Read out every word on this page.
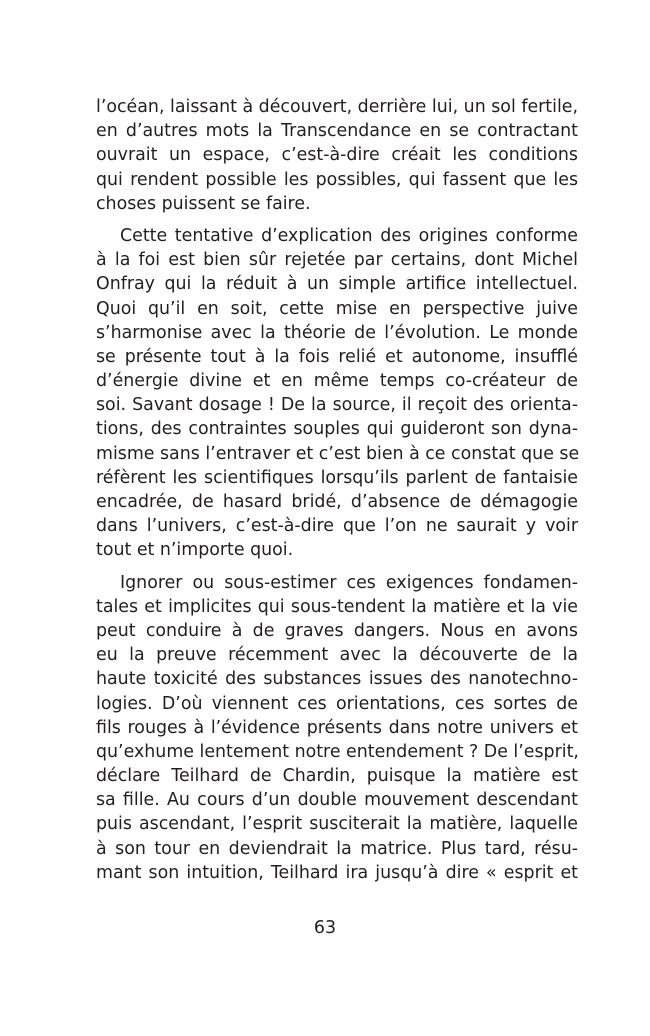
l’océan, laissant à découvert, derrière lui, un sol fertile,
en d’autres mots la Transcendance en se contractant
ouvrait un espace, c’est-à-dire créait les conditions
qui rendent possible les possibles, qui fassent que les
choses puissent se faire.
Cette tentative d’explication des origines conforme
à la foi est bien sûr rejetée par certains, dont Michel
Onfray qui la réduit à un simple artifice intellectuel.
Quoi qu’il en soit, cette mise en perspective juive
s’harmonise avec la théorie de l’évolution. Le monde
se présente tout à la fois relié et autonome, insufflé
d’énergie divine et en même temps co-créateur de
soi. Savant dosage ! De la source, il reçoit des orienta-
tions, des contraintes souples qui guideront son dyna-
misme sans l’entraver et c’est bien à ce constat que se
réfèrent les scientifiques lorsqu’ils parlent de fantaisie
encadrée, de hasard bridé, d’absence de démagogie
dans l’univers, c’est-à-dire que l’on ne saurait y voir
tout et n’importe quoi.
Ignorer ou sous-estimer ces exigences fondamen-
tales et implicites qui sous-tendent la matière et la vie
peut conduire à de graves dangers. Nous en avons
eu la preuve récemment avec la découverte de la
haute toxicité des substances issues des nanotechno-
logies. D’où viennent ces orientations, ces sortes de
fils rouges à l’évidence présents dans notre univers et
qu’exhume lentement notre entendement ? De l’esprit,
déclare Teilhard de Chardin, puisque la matière est
sa fille. Au cours d’un double mouvement descendant
puis ascendant, l’esprit susciterait la matière, laquelle
à son tour en deviendrait la matrice. Plus tard, résu-
mant son intuition, Teilhard ira jusqu’à dire « esprit et
63
